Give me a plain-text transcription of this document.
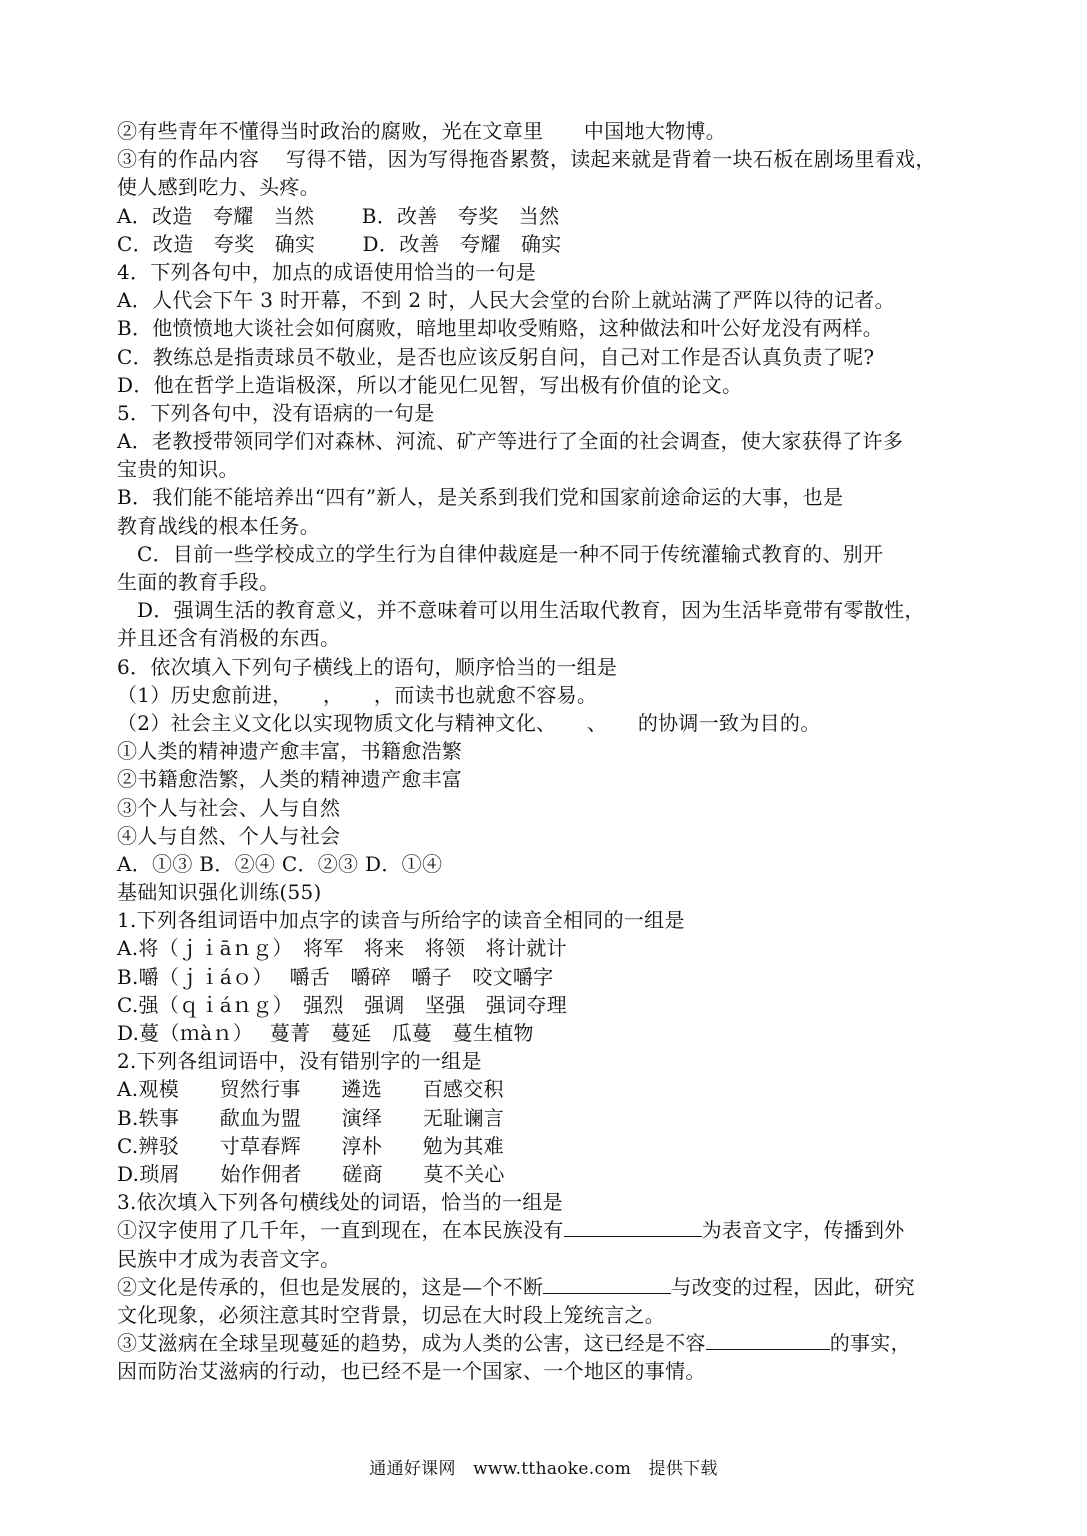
②有些青年不懂得当时政治的腐败，光在文章里　　中国地大物博。
③有的作品内容　 写得不错，因为写得拖沓累赘，读起来就是背着一块石板在剧场里看戏，
使人感到吃力、头疼。
A．改造　夸耀　当然　　 B．改善　夸奖　当然
C．改造　夸奖　确实　　 D．改善　夸耀　确实
4．下列各句中，加点的成语使用恰当的一句是
A．人代会下午 3 时开幕，不到 2 时，人民大会堂的台阶上就站满了严阵以待的记者。
B．他愤愤地大谈社会如何腐败，暗地里却收受贿赂，这种做法和叶公好龙没有两样。
C．教练总是指责球员不敬业，是否也应该反躬自问，自己对工作是否认真负责了呢?
D．他在哲学上造诣极深，所以才能见仁见智，写出极有价值的论文。
5．下列各句中，没有语病的一句是
A．老教授带领同学们对森林、河流、矿产等进行了全面的社会调查，使大家获得了许多
宝贵的知识。
B．我们能不能培养出“四有”新人，是关系到我们党和国家前途命运的大事，也是
教育战线的根本任务。
C．目前一些学校成立的学生行为自律仲裁庭是一种不同于传统灌输式教育的、别开
生面的教育手段。
D．强调生活的教育意义，并不意味着可以用生活取代教育，因为生活毕竟带有零散性，
并且还含有消极的东西。
6．依次填入下列句子横线上的语句，顺序恰当的一组是
（1）历史愈前进，　　，　　，而读书也就愈不容易。
（2）社会主义文化以实现物质文化与精神文化、　　、　　的协调一致为目的。
①人类的精神遗产愈丰富，书籍愈浩繁
②书籍愈浩繁，人类的精神遗产愈丰富
③个人与社会、人与自然
④人与自然、个人与社会
A．①③ B．②④ C．②③ D．①④
基础知识强化训练(55)
1.下列各组词语中加点字的读音与所给字的读音全相同的一组是
A.将（ｊｉāｎｇ）　将军　将来　将领　将计就计
B.嚼（ｊｉáｏ）　 嚼舌　嚼碎　嚼子　咬文嚼字
C.强（ｑｉáｎｇ）　强烈　强调　坚强　强词夺理
D.蔓（ｍàｎ）　 蔓菁　蔓延　瓜蔓　蔓生植物
2.下列各组词语中，没有错别字的一组是
A.观模　　贸然行事　　遴选　　百感交积
B.轶事　　歃血为盟　　演绎　　无耻谰言
C.辨驳　　寸草春辉　　淳朴　　勉为其难
D.琐屑　　始作佣者　　磋商　　莫不关心
3.依次填入下列各句横线处的词语，恰当的一组是
①汉字使用了几千年，一直到现在，在本民族没有	为表音文字，传播到外
民族中才成为表音文字。
②文化是传承的，但也是发展的，这是—个不断	与改变的过程，因此，研究
文化现象，必须注意其时空背景，切忌在大时段上笼统言之。
③艾滋病在全球呈现蔓延的趋势，成为人类的公害，这已经是不容	的事实，
因而防治艾滋病的行动，也已经不是一个国家、一个地区的事情。
通通好课网　www.tthaoke.com　提供下载
